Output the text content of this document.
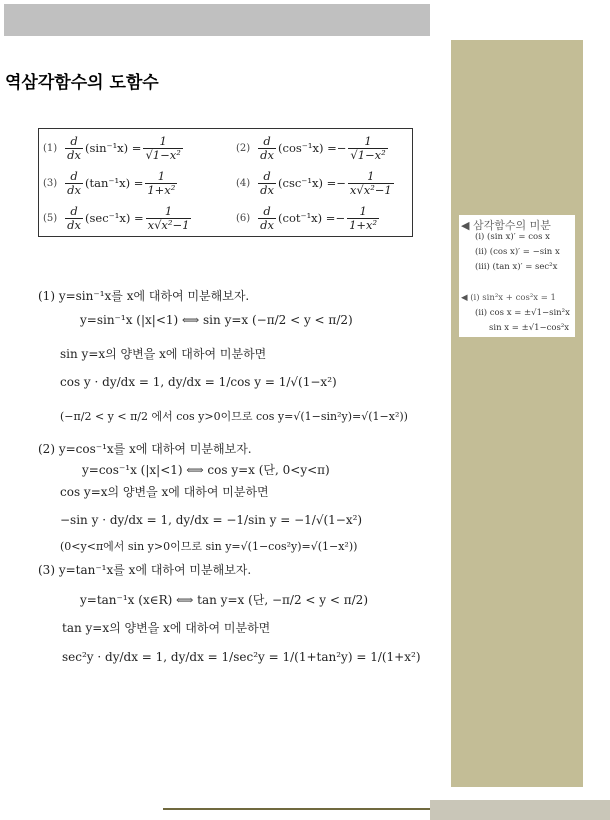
역삼각함수의 도함수
$(1) \frac{d}{dx} (\sin^{-1}x) = \frac{1}{\text{√1−x²}}$	$(2) \frac{d}{dx} (\cos^{-1}x)$ = − $\frac{1}{\text{√1−x²}}$
$(3) \frac{d}{dx} (\tan^{-1}x) = \frac{1}{\text{1+x²}}$	$(4) \frac{d}{dx} (\csc^{-1}x)$ = − $\frac{1}{\text{x√x²−1}}$
$(5) \frac{d}{dx} (\sec^{-1}x) = \frac{1}{\text{x√x²−1}}$	$(6) \frac{d}{dx} (\cot^{-1}x)$ = − $\frac{1}{\text{1+x²}}$	◀ 삼각함수의 미분
(ⅰ) (sin x)′ = cos x
(ⅱ) (cos x)′ = −sin x
(ⅲ) (tan x)′ = sec²x
◀ (ⅰ) sin²x + cos²x = 1
(ⅱ) cos x = ±√1−sin²x
sin x = ±√1−cos²x
(1) y=sin⁻¹x를 x에 대하여 미분해보자.
y=sin⁻¹x (|x|<1) ⟺ sin y=x (−π/2 < y < π/2)
sin y=x의 양변을 x에 대하여 미분하면
cos y · dy/dx = 1, dy/dx = 1/cos y = 1/√(1−x²)
(−π/2 < y < π/2 에서 cos y>0이므로 cos y=√(1−sin²y)=√(1−x²))
(2) y=cos⁻¹x를 x에 대하여 미분해보자.
y=cos⁻¹x (|x|<1) ⟺ cos y=x (단, 0<y<π)
cos y=x의 양변을 x에 대하여 미분하면
−sin y · dy/dx = 1, dy/dx = −1/sin y = −1/√(1−x²)
(0<y<π에서 sin y>0이므로 sin y=√(1−cos²y)=√(1−x²))
(3) y=tan⁻¹x를 x에 대하여 미분해보자.
y=tan⁻¹x (x∈R) ⟺ tan y=x (단, −π/2 < y < π/2)
tan y=x의 양변을 x에 대하여 미분하면
sec²y · dy/dx = 1, dy/dx = 1/sec²y = 1/(1+tan²y) = 1/(1+x²)
